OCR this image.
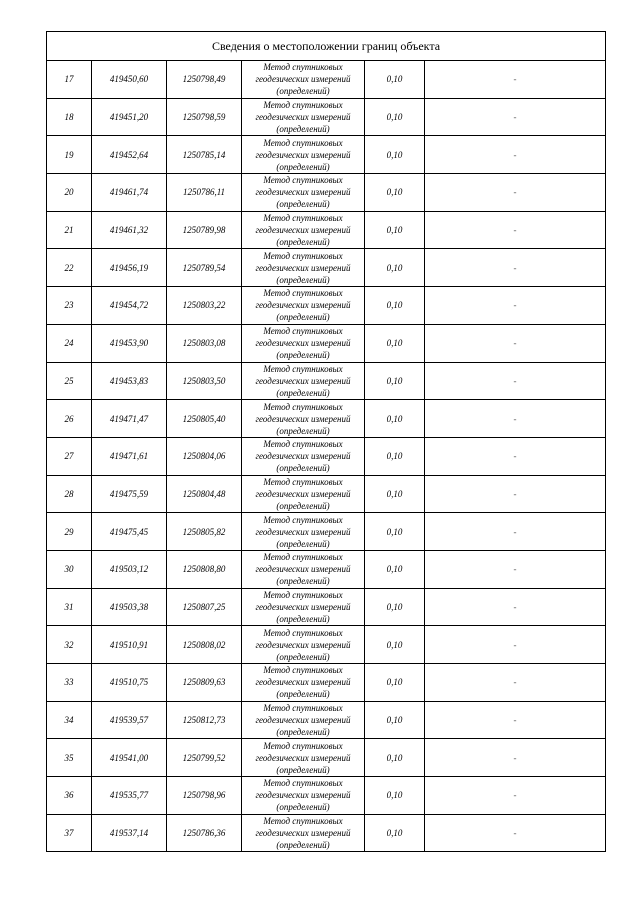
Сведения о местоположении границ объекта					
17	419450,60	1250798,49	Метод спутниковых
геодезических измерений
(определений)	0,10	-
18	419451,20	1250798,59	Метод спутниковых
геодезических измерений
(определений)	0,10	-
19	419452,64	1250785,14	Метод спутниковых
геодезических измерений
(определений)	0,10	-
20	419461,74	1250786,11	Метод спутниковых
геодезических измерений
(определений)	0,10	-
21	419461,32	1250789,98	Метод спутниковых
геодезических измерений
(определений)	0,10	-
22	419456,19	1250789,54	Метод спутниковых
геодезических измерений
(определений)	0,10	-
23	419454,72	1250803,22	Метод спутниковых
геодезических измерений
(определений)	0,10	-
24	419453,90	1250803,08	Метод спутниковых
геодезических измерений
(определений)	0,10	-
25	419453,83	1250803,50	Метод спутниковых
геодезических измерений
(определений)	0,10	-
26	419471,47	1250805,40	Метод спутниковых
геодезических измерений
(определений)	0,10	-
27	419471,61	1250804,06	Метод спутниковых
геодезических измерений
(определений)	0,10	-
28	419475,59	1250804,48	Метод спутниковых
геодезических измерений
(определений)	0,10	-
29	419475,45	1250805,82	Метод спутниковых
геодезических измерений
(определений)	0,10	-
30	419503,12	1250808,80	Метод спутниковых
геодезических измерений
(определений)	0,10	-
31	419503,38	1250807,25	Метод спутниковых
геодезических измерений
(определений)	0,10	-
32	419510,91	1250808,02	Метод спутниковых
геодезических измерений
(определений)	0,10	-
33	419510,75	1250809,63	Метод спутниковых
геодезических измерений
(определений)	0,10	-
34	419539,57	1250812,73	Метод спутниковых
геодезических измерений
(определений)	0,10	-
35	419541,00	1250799,52	Метод спутниковых
геодезических измерений
(определений)	0,10	-
36	419535,77	1250798,96	Метод спутниковых
геодезических измерений
(определений)	0,10	-
37	419537,14	1250786,36	Метод спутниковых
геодезических измерений
(определений)	0,10	-
